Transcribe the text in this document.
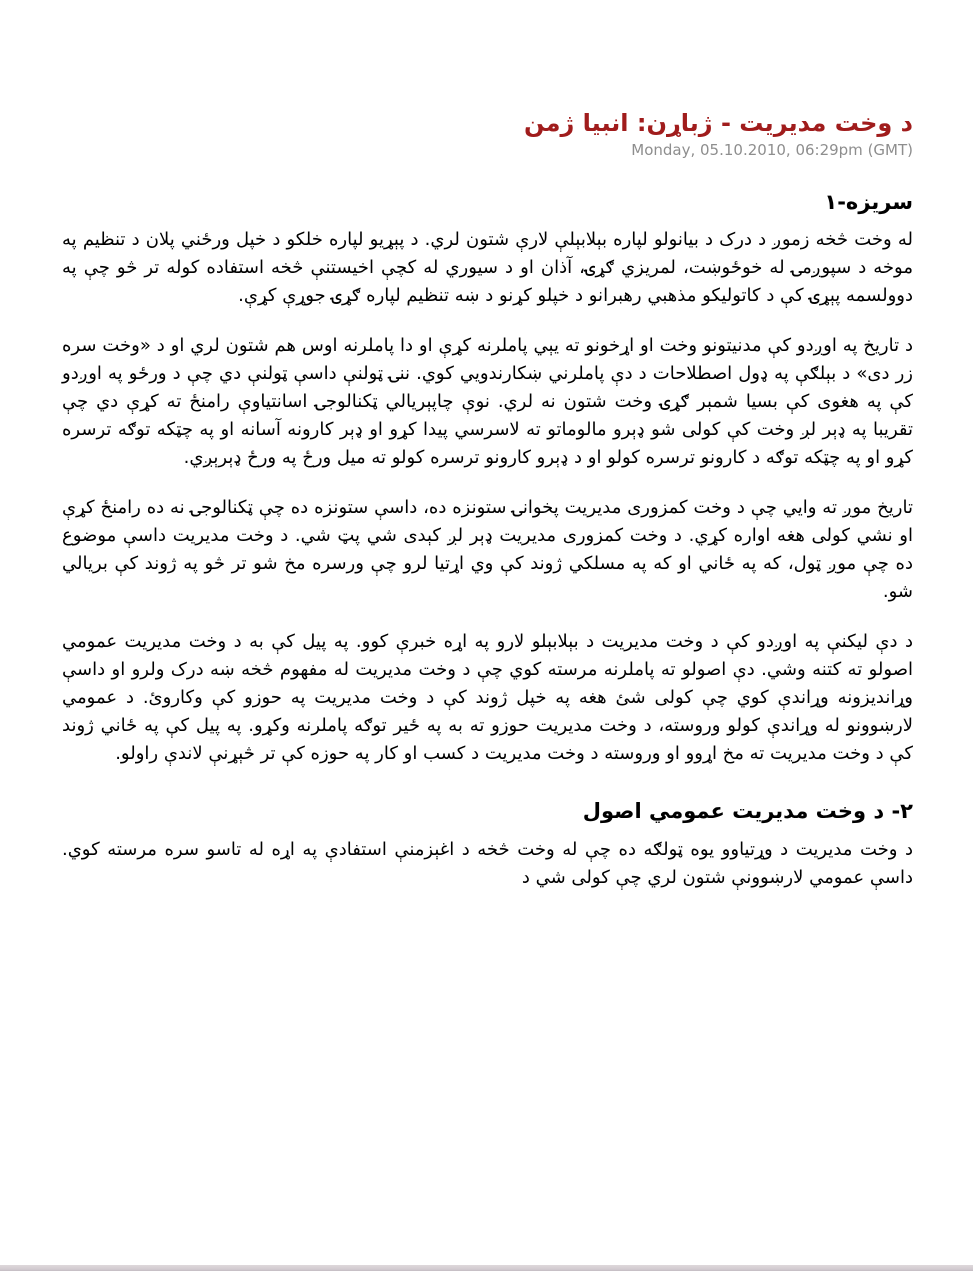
د وخت مدیریت - ژباړن: انبیا ژمن
Monday, 05.10.2010, 06:29pm (GMT)
سریزه-۱

له وخت څخه زموږ د درک د بیانولو لپاره بېلابېلې لارې شتون لري. د پېړیو لپاره خلکو د خپل ورځني پلان د تنظیم په موخه د سپوږمۍ له خوځوښت، لمریزي ګړۍ، آذان او د سیوري له کچې اخیستنې څخه استفاده کوله تر څو چې په دوولسمه پېړۍ کې د کاتولیکو مذهبي رهبرانو د خپلو کړنو د ښه تنظیم لپاره ګړۍ جوړې کړې.

د تاریخ په اوږدو کې مدنیتونو وخت او اړخونو ته یېي پاملرنه کړې او دا پاملرنه اوس هم شتون لري او د «وخت سره زر دی» د بېلګې په ډول اصطلاحات د دې پاملرني ښکارندويي کوي. ننۍ ټولنې داسې ټولنې دي چې د ورځو په اوږدو کې په هغوی کې بسیا شمېر ګړۍ وخت شتون نه لري. نوې چاپېریالي ټکنالوجۍ اسانتیاوې رامنځ ته کړې دي چې تقریبا په ډېر لږ وخت کې کولی شو ډېرو مالوماتو ته لاسرسي پیدا کړو او ډېر کارونه آسانه او په چټکه توګه ترسره کړو او په چټکه توګه د کارونو ترسره کولو او د ډېرو کارونو ترسره کولو ته میل ورځ په ورځ ډېرېږي.

تاریخ موږ ته وایي چې د وخت کمزوری مدیریت پخوانۍ ستونزه ده، داسې ستونزه ده چې ټکنالوجۍ نه ده رامنځ کړې او نشي کولی هغه اواره کړي. د وخت کمزوری مدیریت ډېر لږ کېدی شي پټ شي. د وخت مدیریت داسې موضوع ده چې موږ ټول، که په ځاني او که په مسلکي ژوند کې وي اړتیا لرو چې ورسره مخ شو تر څو په ژوند کې بریالي شو.

د دې لیکنې په اوږدو کې د وخت مدیریت د بېلابېلو لارو په اړه خبرې کوو. په پیل کې به د وخت مدیریت عمومي اصولو ته کتنه وشي. دې اصولو ته پاملرنه مرسته کوي چې د وخت مدیریت له مفهوم څخه ښه درک ولرو او داسې وړاندیزونه وړاندې کوي چې کولی شئ هغه په خپل ژوند کې د وخت مدیریت په حوزو کې وکاروئ. د عمومي لارښوونو له وړاندې کولو وروسته، د وخت مدیریت حوزو ته به په ځیر توګه پاملرنه وکړو. په پیل کې په ځاني ژوند کې د وخت مدیریت ته مخ اړوو او وروسته د وخت مدیریت د کسب او کار په حوزه کې تر څېړنې لاندې راولو.

۲- د وخت مدیریت عمومي اصول

د وخت مدیریت د وړتیاوو یوه ټولګه ده چې له وخت څخه د اغېزمنې استفادې په اړه له تاسو سره مرسته کوي. داسې عمومي لارښوونې شتون لري چې کولی شي د
